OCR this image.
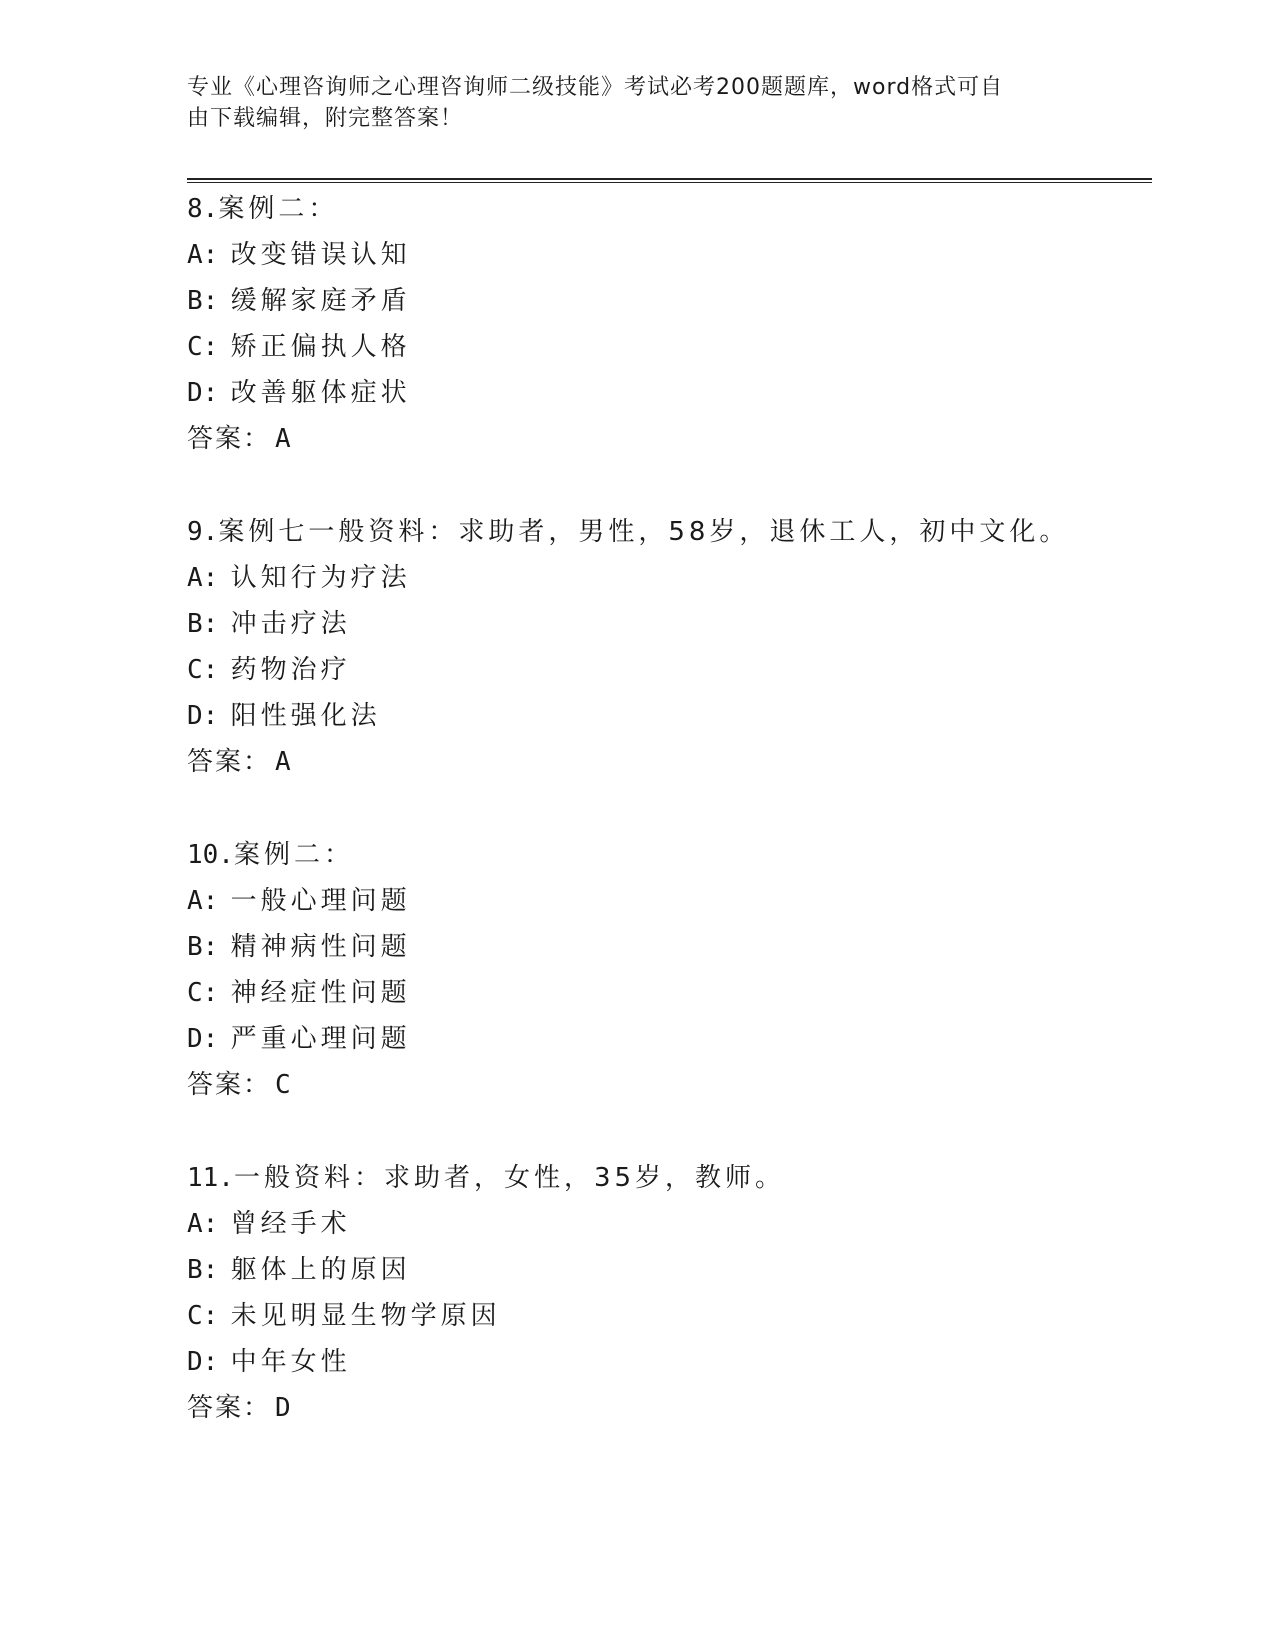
专业《心理咨询师之心理咨询师二级技能》考试必考200题题库，word格式可自
由下载编辑，附完整答案！
8.案例二：
A: 改变错误认知
B: 缓解家庭矛盾
C: 矫正偏执人格
D: 改善躯体症状
答案： A
9.案例七一般资料：求助者，男性，58岁，退休工人，初中文化。
A: 认知行为疗法
B: 冲击疗法
C: 药物治疗
D: 阳性强化法
答案： A
10.案例二：
A: 一般心理问题
B: 精神病性问题
C: 神经症性问题
D: 严重心理问题
答案： C
11.一般资料：求助者，女性，35岁，教师。
A: 曾经手术
B: 躯体上的原因
C: 未见明显生物学原因
D: 中年女性
答案： D
